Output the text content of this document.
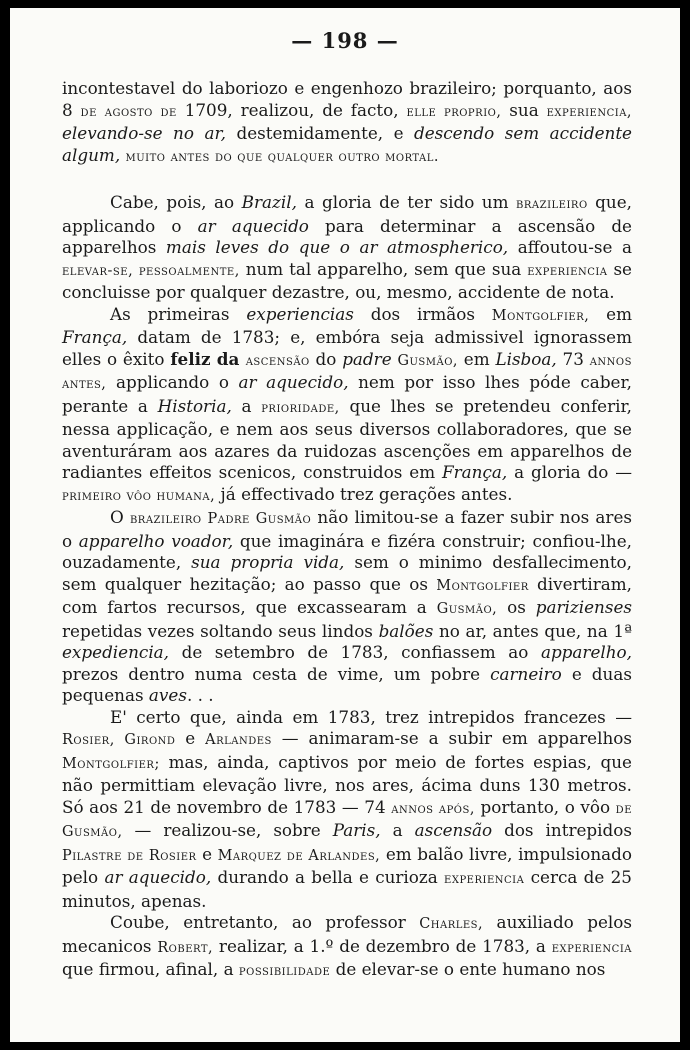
— 198 —

incontestavel do laboriozo e engenhozo brazileiro; porquanto, aos 8 de agosto de 1709, realizou, de facto, elle proprio, sua experiencia, elevando-se no ar, destemidamente, e descendo sem accidente algum, muito antes do que qualquer outro mortal.

Cabe, pois, ao Brazil, a gloria de ter sido um brazileiro que, applicando o ar aquecido para determinar a ascensão de apparelhos mais leves do que o ar atmospherico, affoutou-se a elevar-se, pessoalmente, num tal apparelho, sem que sua experiencia se concluisse por qualquer dezastre, ou, mesmo, accidente de nota.

As primeiras experiencias dos irmãos Montgolfier, em França, datam de 1783; e, embóra seja admissivel ignorassem elles o êxito feliz da ascensão do padre Gusmão, em Lisboa, 73 annos antes, applicando o ar aquecido, nem por isso lhes póde caber, perante a Historia, a prioridade, que lhes se pretendeu conferir, nessa applicação, e nem aos seus diversos collaboradores, que se aventuráram aos azares da ruidozas ascenções em apparelhos de radiantes effeitos scenicos, construidos em França, a gloria do — primeiro vôo humana, já effectivado trez gerações antes.

O brazileiro Padre Gusmão não limitou-se a fazer subir nos ares o apparelho voador, que imaginára e fizéra construir; confiou-lhe, ouzadamente, sua propria vida, sem o minimo desfallecimento, sem qualquer hezitação; ao passo que os Montgolfier divertiram, com fartos recursos, que excassearam a Gusmão, os parizienses repetidas vezes soltando seus lindos balões no ar, antes que, na 1ª expediencia, de setembro de 1783, confiassem ao apparelho, prezos dentro numa cesta de vime, um pobre carneiro e duas pequenas aves. . .

E' certo que, ainda em 1783, trez intrepidos francezes — Rosier, Girond e Arlandes — animaram-se a subir em apparelhos Montgolfier; mas, ainda, captivos por meio de fortes espias, que não permittiam elevação livre, nos ares, ácima duns 130 metros. Só aos 21 de novembro de 1783 — 74 annos após, portanto, o vôo de Gusmão, — realizou-se, sobre Paris, a ascensão dos intrepidos Pilastre de Rosier e Marquez de Arlandes, em balão livre, impulsionado pelo ar aquecido, durando a bella e curioza experiencia cerca de 25 minutos, apenas.

Coube, entretanto, ao professor Charles, auxiliado pelos mecanicos Robert, realizar, a 1.º de dezembro de 1783, a experiencia que firmou, afinal, a possibilidade de elevar-se o ente humano nos
